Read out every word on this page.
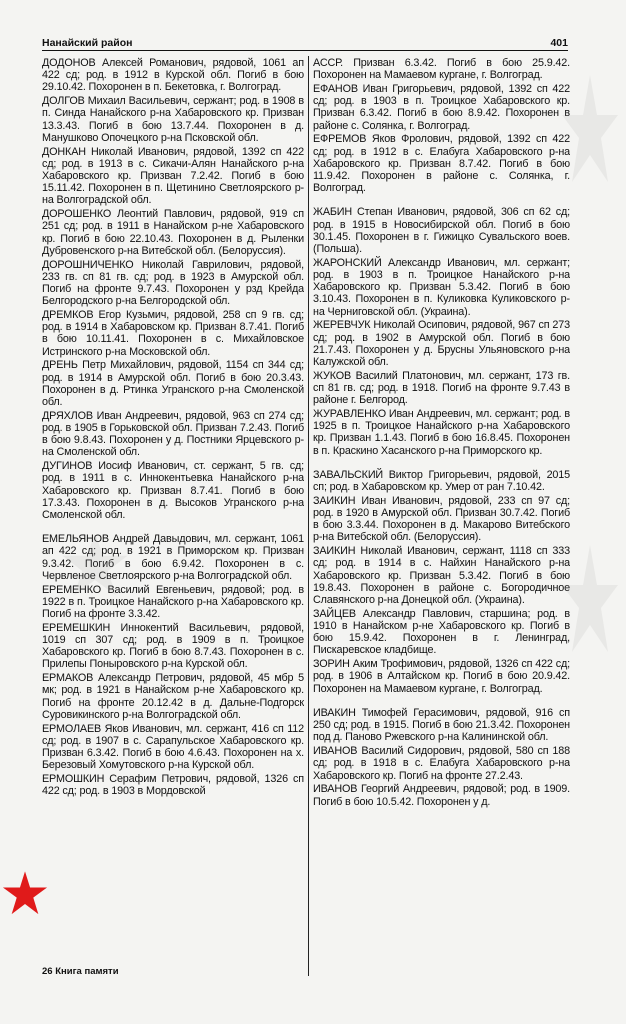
Нанайский район	401

ДОДОНОВ Алексей Романович, рядовой, 1061 ап 422 сд; род. в 1912 в Курской обл. Погиб в бою 29.10.42. Похоронен в п. Бекетовка, г. Волгоград.

ДОЛГОВ Михаил Васильевич, сержант; род. в 1908 в п. Синда Нанайского р-на Хабаровского кр. Призван 13.3.43. Погиб в бою 13.7.44. Похоронен в д. Манушково Опочецкого р-на Псковской обл.

ДОНКАН Николай Иванович, рядовой, 1392 сп 422 сд; род. в 1913 в с. Сикачи-Алян Нанайского р-на Хабаровского кр. Призван 7.2.42. Погиб в бою 15.11.42. Похоронен в п. Щетинино Светлоярского р-на Волгоградской обл.

ДОРОШЕНКО Леонтий Павлович, рядовой, 919 сп 251 сд; род. в 1911 в Нанайском р-не Хабаровского кр. Погиб в бою 22.10.43. Похоронен в д. Рыленки Дубровенского р-на Витебской обл. (Белоруссия).

ДОРОШНИЧЕНКО Николай Гаврилович, рядовой, 233 гв. сп 81 гв. сд; род. в 1923 в Амурской обл. Погиб на фронте 9.7.43. Похоронен у рзд Крейда Белгородского р-на Белгородской обл.

ДРЕМКОВ Егор Кузьмич, рядовой, 258 сп 9 гв. сд; род. в 1914 в Хабаровском кр. Призван 8.7.41. Погиб в бою 10.11.41. Похоронен в с. Михайловское Истринского р-на Московской обл.

ДРЕНЬ Петр Михайлович, рядовой, 1154 сп 344 сд; род. в 1914 в Амурской обл. Погиб в бою 20.3.43. Похоронен в д. Ртинка Угранского р-на Смоленской обл.

ДРЯХЛОВ Иван Андреевич, рядовой, 963 сп 274 сд; род. в 1905 в Горьковской обл. Призван 7.2.43. Погиб в бою 9.8.43. Похоронен у д. Постники Ярцевского р-на Смоленской обл.

ДУГИНОВ Иосиф Иванович, ст. сержант, 5 гв. сд; род. в 1911 в с. Иннокентьевка Нанайского р-на Хабаровского кр. Призван 8.7.41. Погиб в бою 17.3.43. Похоронен в д. Высоков Угранского р-на Смоленской обл.

ЕМЕЛЬЯНОВ Андрей Давыдович, мл. сержант, 1061 ап 422 сд; род. в 1921 в Приморском кр. Призван 9.3.42. Погиб в бою 6.9.42. Похоронен в с. Червленое Светлоярского р-на Волгоградской обл.

ЕРЕМЕНКО Василий Евгеньевич, рядовой; род. в 1922 в п. Троицкое Нанайского р-на Хабаровского кр. Погиб на фронте 3.3.42.

ЕРЕМЕШКИН Иннокентий Васильевич, рядовой, 1019 сп 307 сд; род. в 1909 в п. Троицкое Хабаровского кр. Погиб в бою 8.7.43. Похоронен в с. Прилепы Поныровского р-на Курской обл.

ЕРМАКОВ Александр Петрович, рядовой, 45 мбр 5 мк; род. в 1921 в Нанайском р-не Хабаровского кр. Погиб на фронте 20.12.42 в д. Дальне-Подгорск Суровикинского р-на Волгоградской обл.

ЕРМОЛАЕВ Яков Иванович, мл. сержант, 416 сп 112 сд; род. в 1907 в с. Сарапульское Хабаровского кр. Призван 6.3.42. Погиб в бою 4.6.43. Похоронен на х. Березовый Хомутовского р-на Курской обл.

ЕРМОШКИН Серафим Петрович, рядовой, 1326 сп 422 сд; род. в 1903 в Мордовской

АССР. Призван 6.3.42. Погиб в бою 25.9.42. Похоронен на Мамаевом кургане, г. Волгоград.

ЕФАНОВ Иван Григорьевич, рядовой, 1392 сп 422 сд; род. в 1903 в п. Троицкое Хабаровского кр. Призван 6.3.42. Погиб в бою 8.9.42. Похоронен в районе с. Солянка, г. Волгоград.

ЕФРЕМОВ Яков Фролович, рядовой, 1392 сп 422 сд; род. в 1912 в с. Елабуга Хабаровского р-на Хабаровского кр. Призван 8.7.42. Погиб в бою 11.9.42. Похоронен в районе с. Солянка, г. Волгоград.

ЖАБИН Степан Иванович, рядовой, 306 сп 62 сд; род. в 1915 в Новосибирской обл. Погиб в бою 30.1.45. Похоронен в г. Гижицко Сувальского воев. (Польша).

ЖАРОНСКИЙ Александр Иванович, мл. сержант; род. в 1903 в п. Троицкое Нанайского р-на Хабаровского кр. Призван 5.3.42. Погиб в бою 3.10.43. Похоронен в п. Куликовка Куликовского р-на Черниговской обл. (Украина).

ЖЕРЕВЧУК Николай Осипович, рядовой, 967 сп 273 сд; род. в 1902 в Амурской обл. Погиб в бою 21.7.43. Похоронен у д. Брусны Ульяновского р-на Калужской обл.

ЖУКОВ Василий Платонович, мл. сержант, 173 гв. сп 81 гв. сд; род. в 1918. Погиб на фронте 9.7.43 в районе г. Белгород.

ЖУРАВЛЕНКО Иван Андреевич, мл. сержант; род. в 1925 в п. Троицкое Нанайского р-на Хабаровского кр. Призван 1.1.43. Погиб в бою 16.8.45. Похоронен в п. Краскино Хасанского р-на Приморского кр.

ЗАВАЛЬСКИЙ Виктор Григорьевич, рядовой, 2015 сп; род. в Хабаровском кр. Умер от ран 7.10.42.

ЗАИКИН Иван Иванович, рядовой, 233 сп 97 сд; род. в 1920 в Амурской обл. Призван 30.7.42. Погиб в бою 3.3.44. Похоронен в д. Макарово Витебского р-на Витебской обл. (Белоруссия).

ЗАИКИН Николай Иванович, сержант, 1118 сп 333 сд; род. в 1914 в с. Найхин Нанайского р-на Хабаровского кр. Призван 5.3.42. Погиб в бою 19.8.43. Похоронен в районе с. Богородичное Славянского р-на Донецкой обл. (Украина).

ЗАЙЦЕВ Александр Павлович, старшина; род. в 1910 в Нанайском р-не Хабаровского кр. Погиб в бою 15.9.42. Похоронен в г. Ленинград, Пискаревское кладбище.

ЗОРИН Аким Трофимович, рядовой, 1326 сп 422 сд; род. в 1906 в Алтайском кр. Погиб в бою 20.9.42. Похоронен на Мамаевом кургане, г. Волгоград.

ИВАКИН Тимофей Герасимович, рядовой, 916 сп 250 сд; род. в 1915. Погиб в бою 21.3.42. Похоронен под д. Паново Ржевского р-на Калининской обл.

ИВАНОВ Василий Сидорович, рядовой, 580 сп 188 сд; род. в 1918 в с. Елабуга Хабаровского р-на Хабаровского кр. Погиб на фронте 27.2.43.

ИВАНОВ Георгий Андреевич, рядовой; род. в 1909. Погиб в бою 10.5.42. Похоронен у д.

26 Книга памяти
